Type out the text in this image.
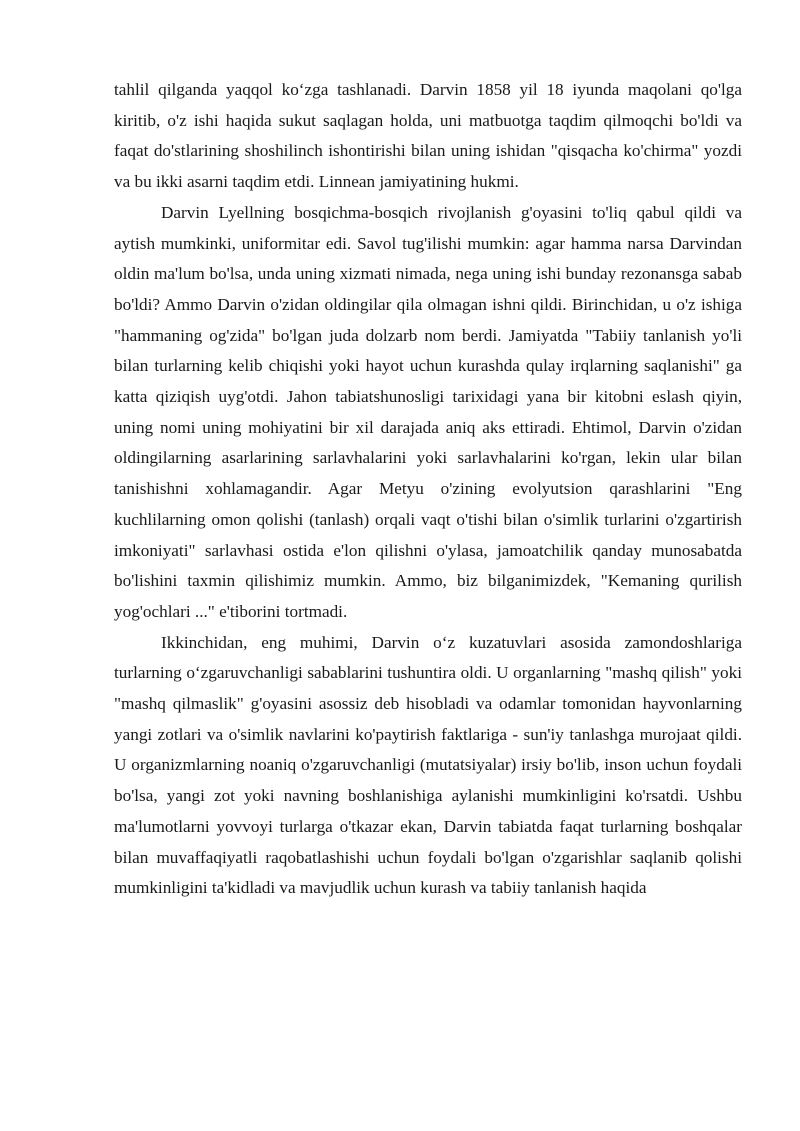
tahlil qilganda yaqqol ko‘zga tashlanadi. Darvin 1858 yil 18 iyunda maqolani qo'lga kiritib, o'z ishi haqida sukut saqlagan holda, uni matbuotga taqdim qilmoqchi bo'ldi va faqat do'stlarining shoshilinch ishontirishi bilan uning ishidan "qisqacha ko'chirma" yozdi va bu ikki asarni taqdim etdi. Linnean jamiyatining hukmi.

Darvin Lyellning bosqichma-bosqich rivojlanish g'oyasini to'liq qabul qildi va aytish mumkinki, uniformitar edi. Savol tug'ilishi mumkin: agar hamma narsa Darvindan oldin ma'lum bo'lsa, unda uning xizmati nimada, nega uning ishi bunday rezonansga sabab bo'ldi? Ammo Darvin o'zidan oldingilar qila olmagan ishni qildi. Birinchidan, u o'z ishiga "hammaning og'zida" bo'lgan juda dolzarb nom berdi. Jamiyatda "Tabiiy tanlanish yo'li bilan turlarning kelib chiqishi yoki hayot uchun kurashda qulay irqlarning saqlanishi" ga katta qiziqish uyg'otdi. Jahon tabiatshunosligi tarixidagi yana bir kitobni eslash qiyin, uning nomi uning mohiyatini bir xil darajada aniq aks ettiradi. Ehtimol, Darvin o'zidan oldingilarning asarlarining sarlavhalarini yoki sarlavhalarini ko'rgan, lekin ular bilan tanishishni xohlamagandir. Agar Metyu o'zining evolyutsion qarashlarini "Eng kuchlilarning omon qolishi (tanlash) orqali vaqt o'tishi bilan o'simlik turlarini o'zgartirish imkoniyati" sarlavhasi ostida e'lon qilishni o'ylasa, jamoatchilik qanday munosabatda bo'lishini taxmin qilishimiz mumkin. Ammo, biz bilganimizdek, "Kemaning qurilish yog'ochlari ..." e'tiborini tortmadi.

Ikkinchidan, eng muhimi, Darvin o‘z kuzatuvlari asosida zamondoshlariga turlarning o‘zgaruvchanligi sabablarini tushuntira oldi. U organlarning "mashq qilish" yoki "mashq qilmaslik" g'oyasini asossiz deb hisobladi va odamlar tomonidan hayvonlarning yangi zotlari va o'simlik navlarini ko'paytirish faktlariga - sun'iy tanlashga murojaat qildi. U organizmlarning noaniq o'zgaruvchanligi (mutatsiyalar) irsiy bo'lib, inson uchun foydali bo'lsa, yangi zot yoki navning boshlanishiga aylanishi mumkinligini ko'rsatdi. Ushbu ma'lumotlarni yovvoyi turlarga o'tkazar ekan, Darvin tabiatda faqat turlarning boshqalar bilan muvaffaqiyatli raqobatlashishi uchun foydali bo'lgan o'zgarishlar saqlanib qolishi mumkinligini ta'kidladi va mavjudlik uchun kurash va tabiiy tanlanish haqida
